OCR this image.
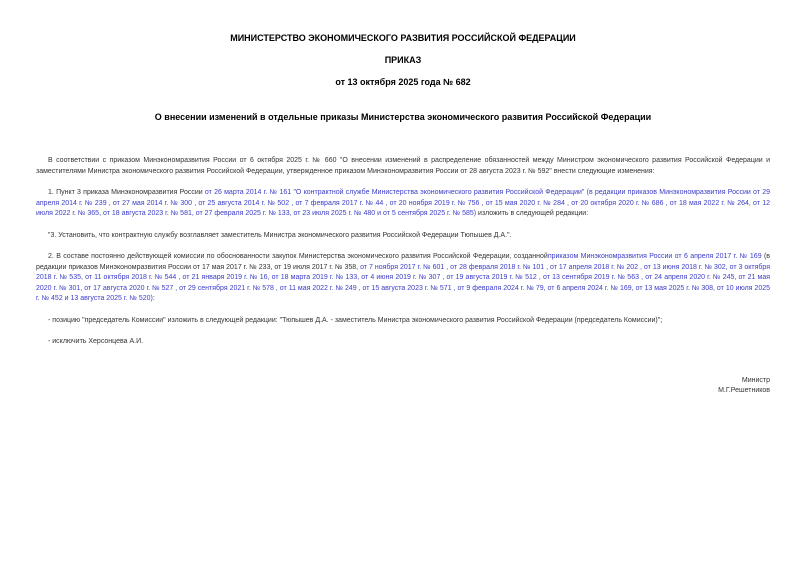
МИНИСТЕРСТВО ЭКОНОМИЧЕСКОГО РАЗВИТИЯ РОССИЙСКОЙ ФЕДЕРАЦИИ
ПРИКАЗ
от 13 октября 2025 года № 682
О внесении изменений в отдельные приказы Министерства экономического развития Российской Федерации

В соответствии с приказом Минэкономразвития России от 6 октября 2025 г. № 660 "О внесении изменений в распределение обязанностей между Министром экономического развития Российской Федерации и заместителями Министра экономического развития Российской Федерации, утвержденное приказом Минэкономразвития России от 28 августа 2023 г. № 592" внести следующие изменения:

1. Пункт 3 приказа Минэкономразвития России от 26 марта 2014 г. № 161 "О контрактной службе Министерства экономического развития Российской Федерации" (в редакции приказов Минэкономразвития России от 29 апреля 2014 г. № 239 , от 27 мая 2014 г. № 300 , от 25 августа 2014 г. № 502 , от 7 февраля 2017 г. № 44 , от 20 ноября 2019 г. № 756 , от 15 мая 2020 г. № 284 , от 20 октября 2020 г. № 686 , от 18 мая 2022 г. № 264, от 12 июля 2022 г. № 365, от 18 августа 2023 г. № 581, от 27 февраля 2025 г. № 133, от 23 июля 2025 г. № 480 и от 5 сентября 2025 г. № 585) изложить в следующей редакции:

"3. Установить, что контрактную службу возглавляет заместитель Министра экономического развития Российской Федерации Тюпышев Д.А.".

2. В составе постоянно действующей комиссии по обоснованности закупок Министерства экономического развития Российской Федерации, созданнойприказом Минэкономразвития России от 6 апреля 2017 г. № 169 (в редакции приказов Минэкономразвития России от 17 мая 2017 г. № 233, от 19 июля 2017 г. № 358, от 7 ноября 2017 г. № 601 , от 28 февраля 2018 г. № 101 , от 17 апреля 2018 г. № 202 , от 13 июня 2018 г. № 302, от 3 октября 2018 г. № 535, от 11 октября 2018 г. № 544 , от 21 января 2019 г. № 16, от 18 марта 2019 г. № 133, от 4 июня 2019 г. № 307 , от 19 августа 2019 г. № 512 , от 13 сентября 2019 г. № 563 , от 24 апреля 2020 г. № 245, от 21 мая 2020 г. № 301, от 17 августа 2020 г. № 527 , от 29 сентября 2021 г. № 578 , от 11 мая 2022 г. № 249 , от 15 августа 2023 г. № 571 , от 9 февраля 2024 г. № 79, от 6 апреля 2024 г. № 169, от 13 мая 2025 г. № 308, от 10 июля 2025 г. № 452 и 13 августа 2025 г. № 520):

- позицию "председатель Комиссии" изложить в следующей редакции: "Тюпышев Д.А. - заместитель Министра экономического развития Российской Федерации (председатель Комиссии)";

- исключить Херсонцева А.И.

Министр
М.Г.Решетников
